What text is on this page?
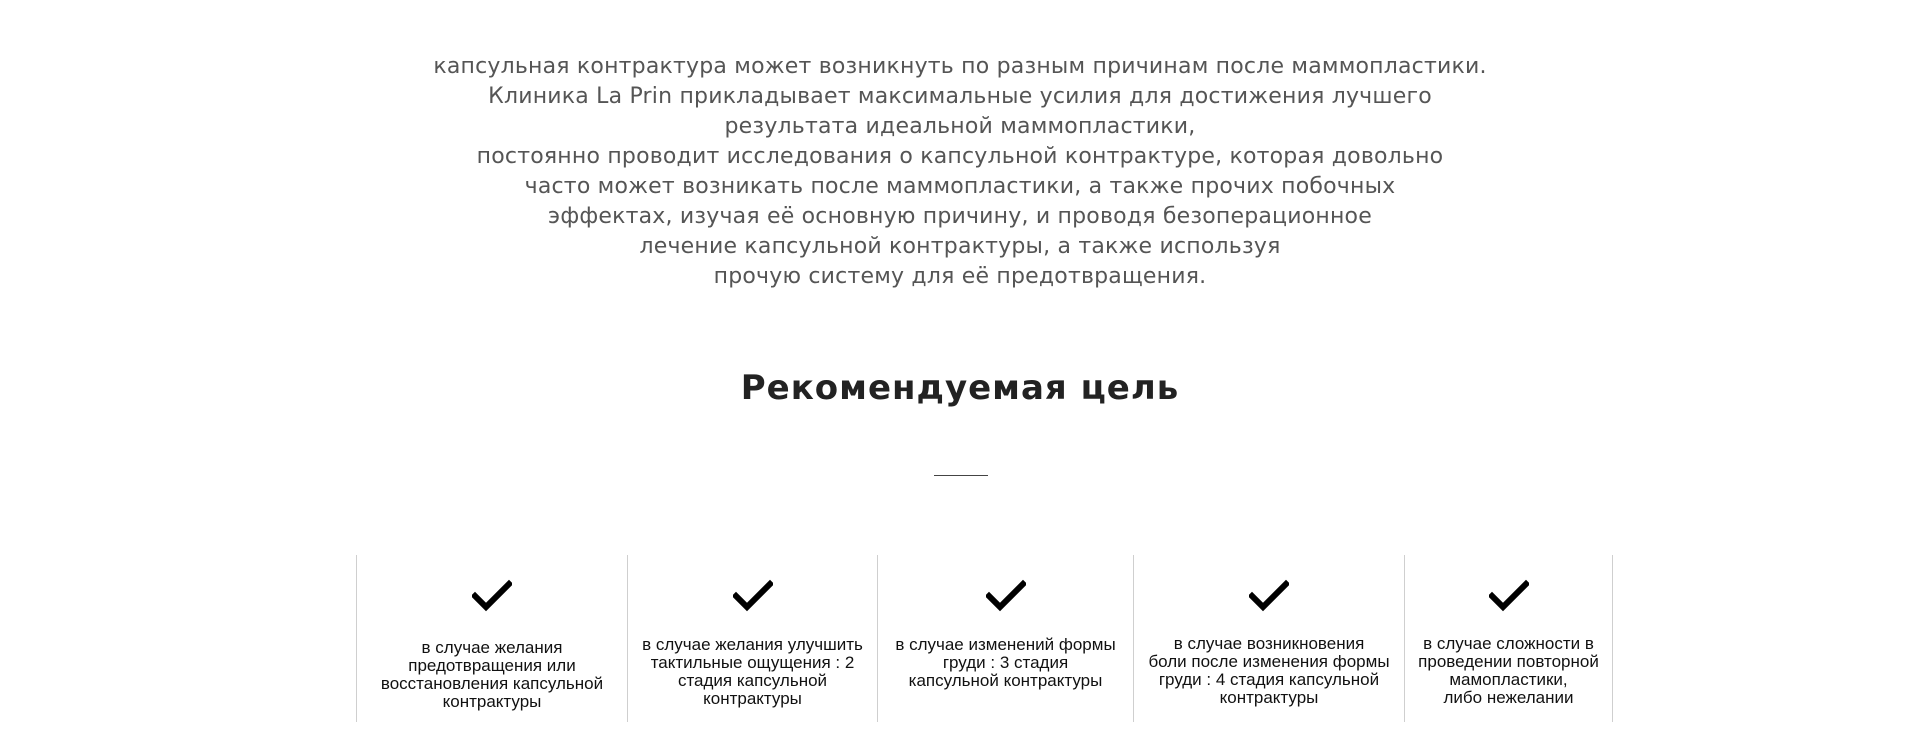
капсульная контрактура может возникнуть по разным причинам после маммопластики.
Клиника La Prin прикладывает максимальные усилия для достижения лучшего
результата идеальной маммопластики,
постоянно проводит исследования о капсульной контрактуре, которая довольно
часто может возникать после маммопластики, а также прочих побочных
эффектах, изучая её основную причину, и проводя безоперационное
лечение капсульной контрактуры, а также используя
прочую систему для её предотвращения.
Рекомендуемая цель
в случае желания
предотвращения или
восстановления капсульной
контрактуры
в случае желания улучшить
тактильные ощущения : 2
стадия капсульной
контрактуры
в случае изменений формы
груди : 3 стадия
капсульной контрактуры
в случае возникновения
боли после изменения формы
груди : 4 стадия капсульной
контрактуры
в случае сложности в
проведении повторной
мамопластики,
либо нежелании
